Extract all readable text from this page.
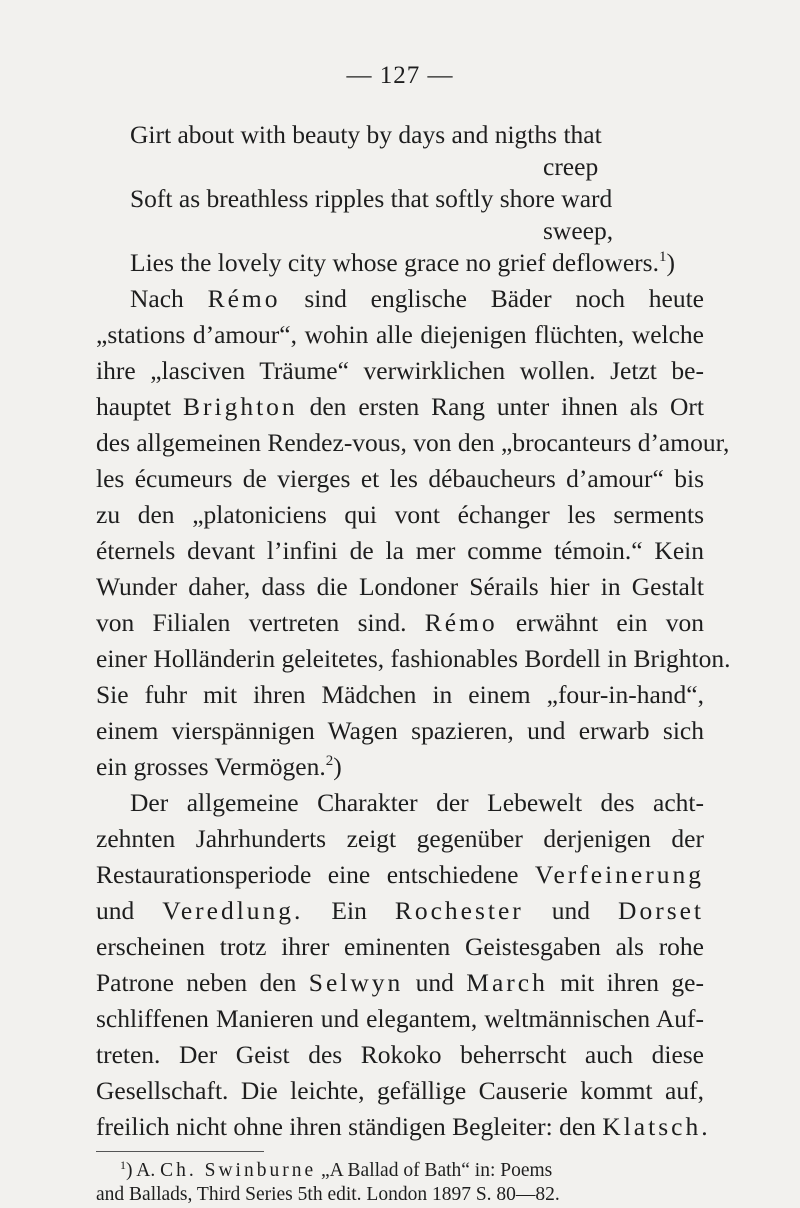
— 127 —
Girt about with beauty by days and nigths that
creep
Soft as breathless ripples that softly shore ward
sweep,
Lies the lovely city whose grace no grief deflowers.$^1$)
Nach Rémo sind englische Bäder noch heute
„stations d’amour“, wohin alle diejenigen flüchten, welche
ihre „lasciven Träume“ verwirklichen wollen. Jetzt be-
hauptet Brighton den ersten Rang unter ihnen als Ort
des allgemeinen Rendez-vous, von den „brocanteurs d’amour,
les écumeurs de vierges et les débaucheurs d’amour“ bis
zu den „platoniciens qui vont échanger les serments
éternels devant l’infini de la mer comme témoin.“ Kein
Wunder daher, dass die Londoner Sérails hier in Gestalt
von Filialen vertreten sind. Rémo erwähnt ein von
einer Holländerin geleitetes, fashionables Bordell in Brighton.
Sie fuhr mit ihren Mädchen in einem „four-in-hand“,
einem vierspännigen Wagen spazieren, und erwarb sich
ein grosses Vermögen.$^2$)
Der allgemeine Charakter der Lebewelt des acht-
zehnten Jahrhunderts zeigt gegenüber derjenigen der
Restaurationsperiode eine entschiedene Verfeinerung
und Veredlung. Ein Rochester und Dorset
erscheinen trotz ihrer eminenten Geistesgaben als rohe
Patrone neben den Selwyn und March mit ihren ge-
schliffenen Manieren und elegantem, weltmännischen Auf-
treten. Der Geist des Rokoko beherrscht auch diese
Gesellschaft. Die leichte, gefällige Causerie kommt auf,
freilich nicht ohne ihren ständigen Begleiter: den Klatsch.
$^1$) A. Ch. Swinburne „A Ballad of Bath“ in: Poems
and Ballads, Third Series 5th edit. London 1897 S. 80—82.
